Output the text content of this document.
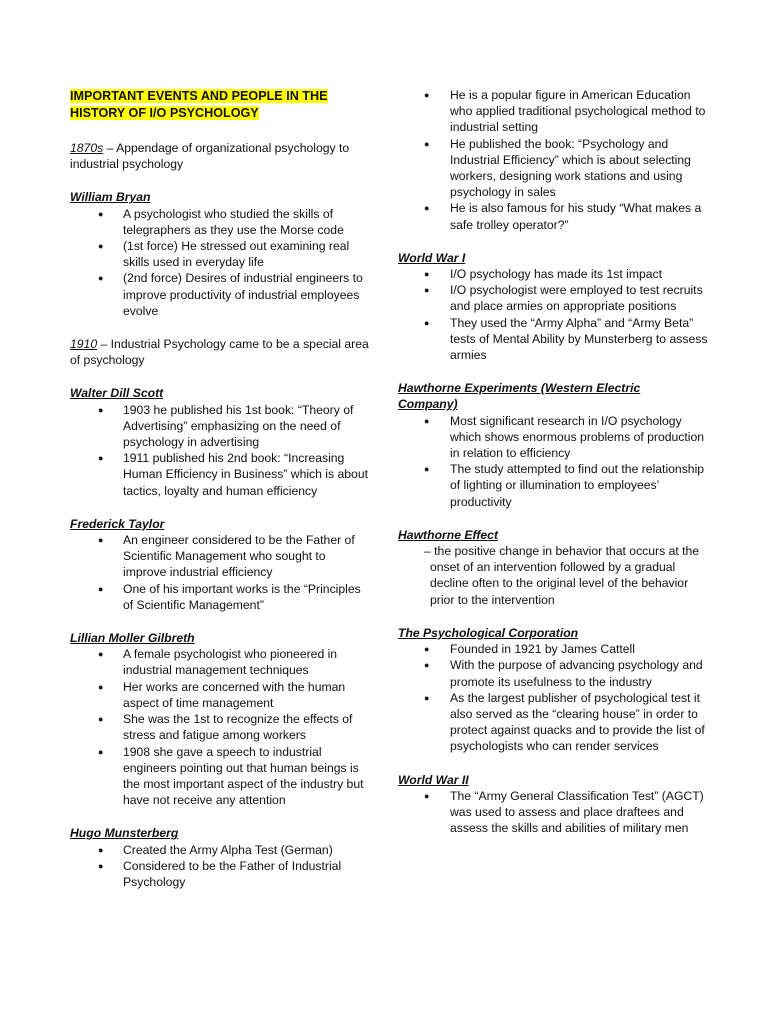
IMPORTANT EVENTS AND PEOPLE IN THE HISTORY OF I/O PSYCHOLOGY
1870s – Appendage of organizational psychology to industrial psychology
William Bryan
● A psychologist who studied the skills of telegraphers as they use the Morse code
● (1st force) He stressed out examining real skills used in everyday life
● (2nd force) Desires of industrial engineers to improve productivity of industrial employees evolve
1910 – Industrial Psychology came to be a special area of psychology
Walter Dill Scott
● 1903 he published his 1st book: “Theory of Advertising” emphasizing on the need of psychology in advertising
● 1911 published his 2nd book: “Increasing Human Efficiency in Business” which is about tactics, loyalty and human efficiency
Frederick Taylor
● An engineer considered to be the Father of Scientific Management who sought to improve industrial efficiency
● One of his important works is the “Principles of Scientific Management”
Lillian Moller Gilbreth
● A female psychologist who pioneered in industrial management techniques
● Her works are concerned with the human aspect of time management
● She was the 1st to recognize the effects of stress and fatigue among workers
● 1908 she gave a speech to industrial engineers pointing out that human beings is the most important aspect of the industry but have not receive any attention
Hugo Munsterberg
● Created the Army Alpha Test (German)
● Considered to be the Father of Industrial Psychology
● He is a popular figure in American Education who applied traditional psychological method to industrial setting
● He published the book: “Psychology and Industrial Efficiency” which is about selecting workers, designing work stations and using psychology in sales
● He is also famous for his study “What makes a safe trolley operator?”
World War I
● I/O psychology has made its 1st impact
● I/O psychologist were employed to test recruits and place armies on appropriate positions
● They used the “Army Alpha” and “Army Beta” tests of Mental Ability by Munsterberg to assess armies
Hawthorne Experiments (Western Electric Company)
● Most significant research in I/O psychology which shows enormous problems of production in relation to efficiency
● The study attempted to find out the relationship of lighting or illumination to employees’ productivity
Hawthorne Effect
– the positive change in behavior that occurs at the onset of an intervention followed by a gradual decline often to the original level of the behavior prior to the intervention
The Psychological Corporation
● Founded in 1921 by James Cattell
● With the purpose of advancing psychology and promote its usefulness to the industry
● As the largest publisher of psychological test it also served as the “clearing house” in order to protect against quacks and to provide the list of psychologists who can render services
World War II
● The “Army General Classification Test” (AGCT) was used to assess and place draftees and assess the skills and abilities of military men
